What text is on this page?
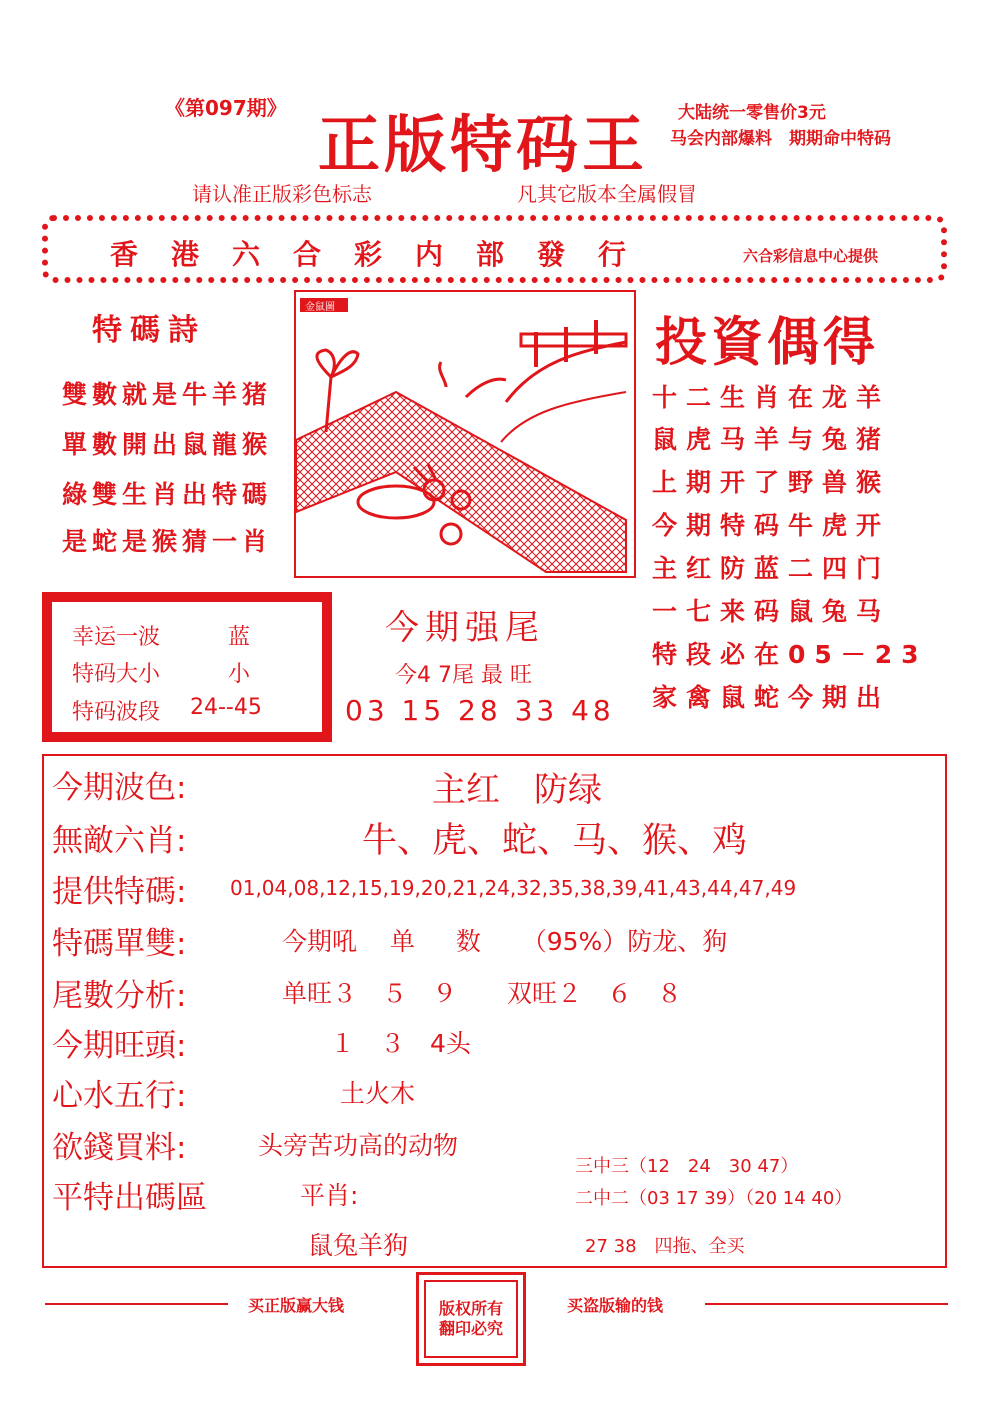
《第097期》 正版特码王 大陆统一零售价3元
马会内部爆料　期期命中特码
请认准正版彩色标志	凡其它版本全属假冒
香港六合彩内部發行	六合彩信息中心提供
特碼詩
雙數就是牛羊猪
單數開出鼠龍猴
綠雙生肖出特碼
是蛇是猴猜一肖
金鼠圖
投資偶得
十二生肖在龙羊
鼠虎马羊与兔猪
上期开了野兽猴
今期特码牛虎开
主红防蓝二四门
一七来码鼠兔马
特段必在05－23
家禽鼠蛇今期出
幸运一波	蓝
特码大小	小
特码波段 24--45
今期强尾
今4 7尾 最 旺
03 15 28 33 48
今期波色:	主红　防绿
無敵六肖:	牛、虎、蛇、马、猴、鸡
提供特碼: 01,04,08,12,15,19,20,21,24,32,35,38,39,41,43,44,47,49
特碼單雙:	今期吼　 单 　 数 　 （95%）防龙、狗
尾數分析:	单旺３　５　９　　双旺２　６　８
今期旺頭:	１　３　4头
心水五行:	土火木
欲錢買料:	头旁苦功高的动物
平特出碼區	平肖:
鼠兔羊狗
三中三（12　24　30 47）
二中二（03 17 39）（20 14 40）
27 38　四拖、全买
买正版赢大钱	版权所有
翻印必究
买盗版输的钱
